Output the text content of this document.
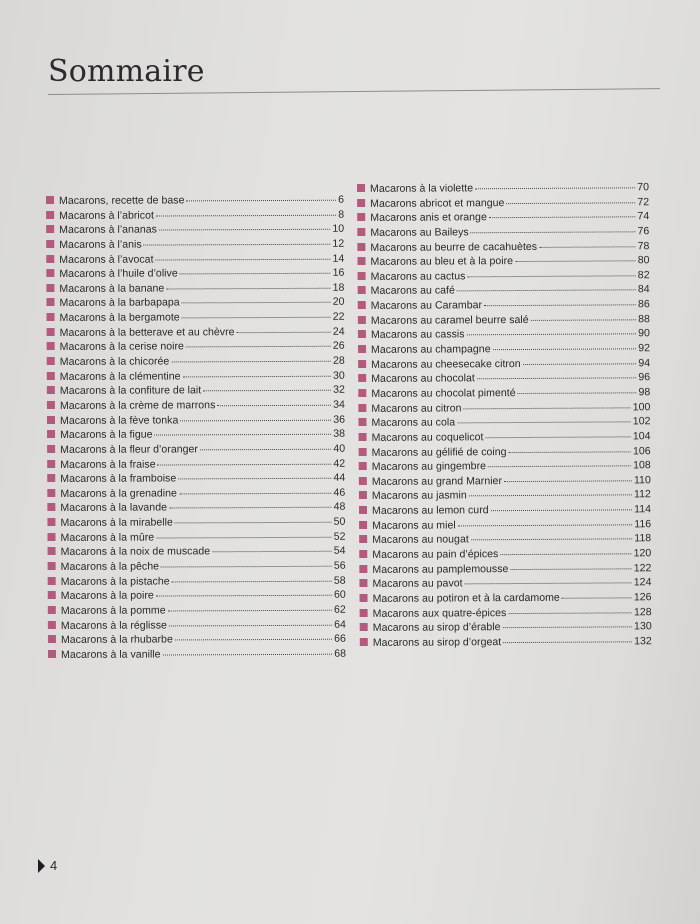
Sommaire
Macarons, recette de base	6
Macarons à l’abricot	8
Macarons à l’ananas	10
Macarons à l’anis	12
Macarons à l’avocat	14
Macarons à l’huile d’olive	16
Macarons à la banane	18
Macarons à la barbapapa	20
Macarons à la bergamote	22
Macarons à la betterave et au chèvre	24
Macarons à la cerise noire	26
Macarons à la chicorée	28
Macarons à la clémentine	30
Macarons à la confiture de lait	32
Macarons à la crème de marrons	34
Macarons à la fève tonka	36
Macarons à la figue	38
Macarons à la fleur d’oranger	40
Macarons à la fraise	42
Macarons à la framboise	44
Macarons à la grenadine	46
Macarons à la lavande	48
Macarons à la mirabelle	50
Macarons à la mûre	52
Macarons à la noix de muscade	54
Macarons à la pêche	56
Macarons à la pistache	58
Macarons à la poire	60
Macarons à la pomme	62
Macarons à la réglisse	64
Macarons à la rhubarbe	66
Macarons à la vanille	68
Macarons à la violette	70
Macarons abricot et mangue	72
Macarons anis et orange	74
Macarons au Baileys	76
Macarons au beurre de cacahuètes	78
Macarons au bleu et à la poire	80
Macarons au cactus	82
Macarons au café	84
Macarons au Carambar	86
Macarons au caramel beurre salé	88
Macarons au cassis	90
Macarons au champagne	92
Macarons au cheesecake citron	94
Macarons au chocolat	96
Macarons au chocolat pimenté	98
Macarons au citron	100
Macarons au cola	102
Macarons au coquelicot	104
Macarons au gélifié de coing	106
Macarons au gingembre	108
Macarons au grand Marnier	110
Macarons au jasmin	112
Macarons au lemon curd	114
Macarons au miel	116
Macarons au nougat	118
Macarons au pain d’épices	120
Macarons au pamplemousse	122
Macarons au pavot	124
Macarons au potiron et à la cardamome	126
Macarons aux quatre-épices	128
Macarons au sirop d’érable	130
Macarons au sirop d’orgeat	132
4
